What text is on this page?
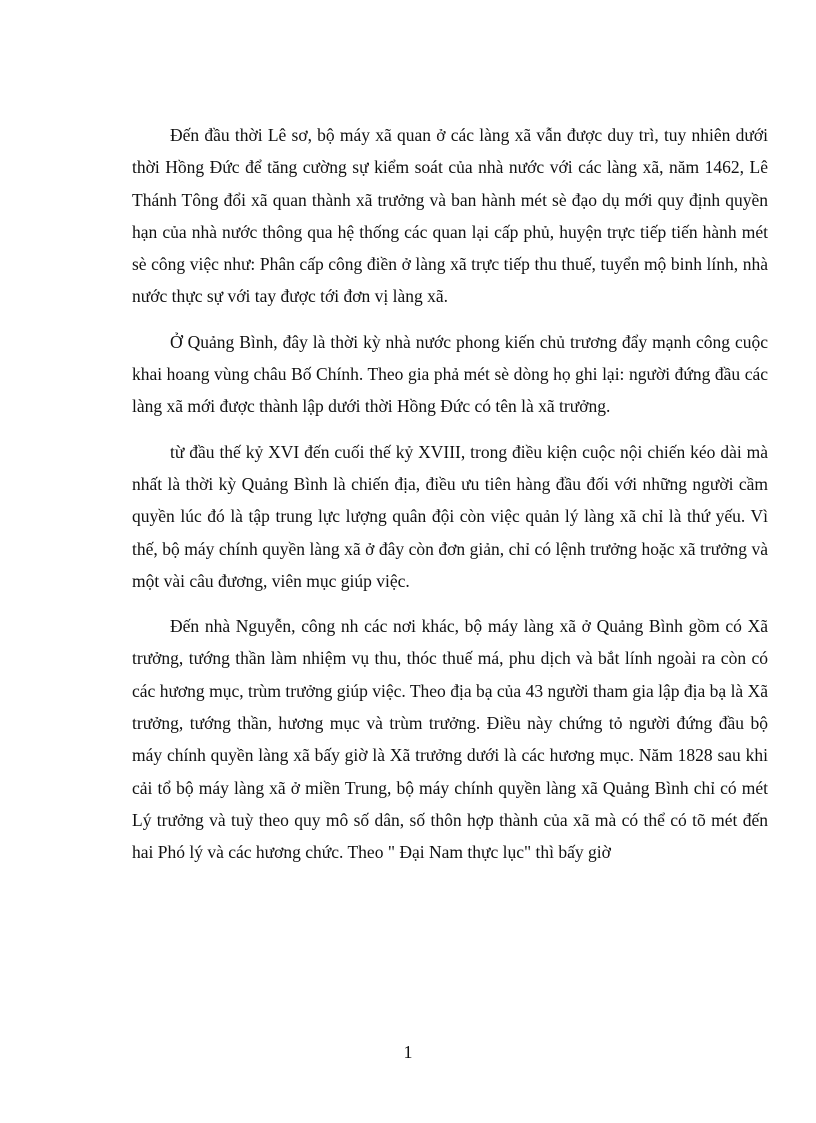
Đến đầu thời Lê sơ, bộ máy xã quan ở các làng xã vẫn được duy trì, tuy nhiên dưới thời Hồng Đức để tăng cường sự kiểm soát của nhà nước với các làng xã, năm 1462, Lê Thánh Tông đổi xã quan thành xã trưởng và ban hành mét sè đạo dụ mới quy định quyền hạn của nhà nước thông qua hệ thống các quan lại cấp phủ, huyện trực tiếp tiến hành mét sè công việc như: Phân cấp công điền ở làng xã trực tiếp thu thuế, tuyển mộ binh lính, nhà nước thực sự với tay được tới đơn vị làng xã.

Ở Quảng Bình, đây là thời kỳ nhà nước phong kiến chủ trương đẩy mạnh công cuộc khai hoang vùng châu Bố Chính. Theo gia phả mét sè dòng họ ghi lại: người đứng đầu các làng xã mới được thành lập dưới thời Hồng Đức có tên là xã trưởng.

từ đầu thế kỷ XVI đến cuối thế kỷ XVIII, trong điều kiện cuộc nội chiến kéo dài mà nhất là thời kỳ Quảng Bình là chiến địa, điều ưu tiên hàng đầu đối với những người cầm quyền lúc đó là tập trung lực lượng quân đội còn việc quản lý làng xã chỉ là thứ yếu. Vì thế, bộ máy chính quyền làng xã ở đây còn đơn giản, chỉ có lệnh trưởng hoặc xã trưởng và một vài câu đương, viên mục giúp việc.

Đến nhà Nguyễn, công nh các nơi khác, bộ máy làng xã ở Quảng Bình gồm có Xã trưởng, tướng thần làm nhiệm vụ thu, thóc thuế má, phu dịch và bắt lính ngoài ra còn có các hương mục, trùm trưởng giúp việc. Theo địa bạ của 43 người tham gia lập địa bạ là Xã trưởng, tướng thần, hương mục và trùm trưởng. Điều này chứng tỏ người đứng đầu bộ máy chính quyền làng xã bấy giờ là Xã trưởng dưới là các hương mục. Năm 1828 sau khi cải tổ bộ máy làng xã ở miền Trung, bộ máy chính quyền làng xã Quảng Bình chỉ có mét Lý trưởng và tuỳ theo quy mô số dân, số thôn hợp thành của xã mà có thể có tõ mét đến hai Phó lý và các hương chức. Theo " Đại Nam thực lục" thì bấy giờ

1
